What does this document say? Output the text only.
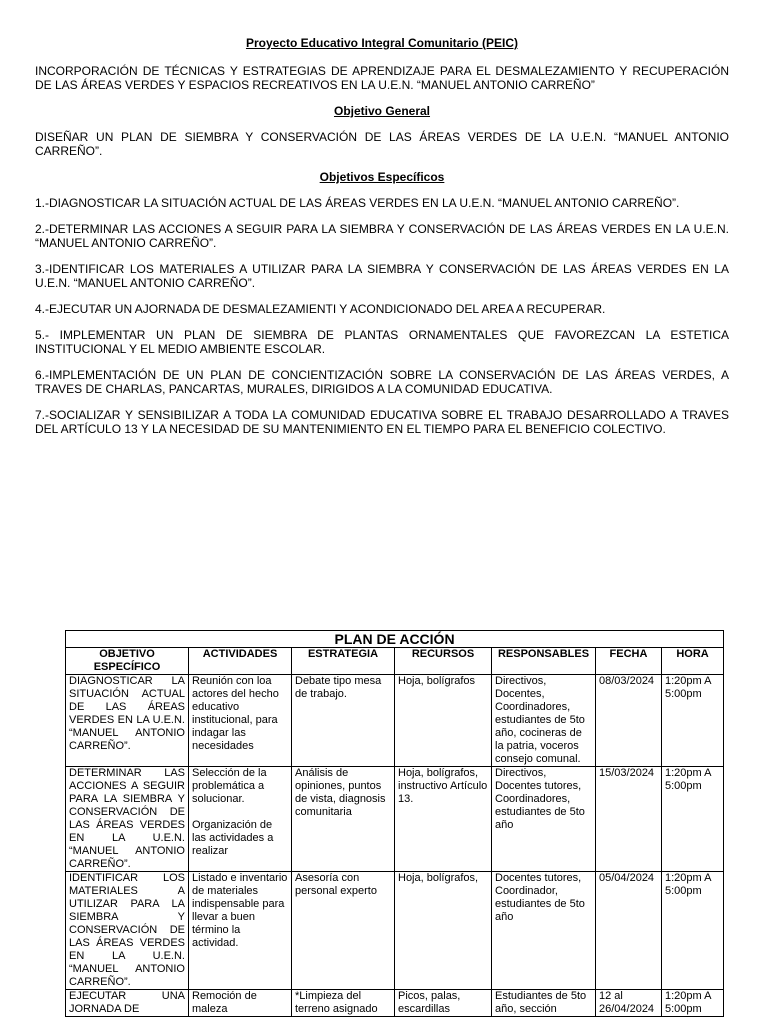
Proyecto Educativo Integral Comunitario (PEIC)

INCORPORACIÓN DE TÉCNICAS Y ESTRATEGIAS DE APRENDIZAJE PARA EL DESMALEZAMIENTO Y RECUPERACIÓN DE LAS ÁREAS VERDES Y ESPACIOS RECREATIVOS EN LA U.E.N. “MANUEL ANTONIO CARREÑO”

Objetivo General

DISEÑAR UN PLAN DE SIEMBRA Y CONSERVACIÓN DE LAS ÁREAS VERDES DE LA U.E.N. “MANUEL ANTONIO CARREÑO”.

Objetivos Específicos

1.-DIAGNOSTICAR LA SITUACIÓN ACTUAL DE LAS ÁREAS VERDES EN LA U.E.N. “MANUEL ANTONIO CARREÑO”.

2.-DETERMINAR LAS ACCIONES A SEGUIR PARA LA SIEMBRA Y CONSERVACIÓN DE LAS ÁREAS VERDES EN LA U.E.N. “MANUEL ANTONIO CARREÑO”.

3.-IDENTIFICAR LOS MATERIALES A UTILIZAR PARA LA SIEMBRA Y CONSERVACIÓN DE LAS ÁREAS VERDES EN LA U.E.N. “MANUEL ANTONIO CARREÑO”.

4.-EJECUTAR UN AJORNADA DE DESMALEZAMIENTI Y ACONDICIONADO DEL AREA A RECUPERAR.

5.- IMPLEMENTAR UN PLAN DE SIEMBRA DE PLANTAS ORNAMENTALES QUE FAVOREZCAN LA ESTETICA INSTITUCIONAL Y EL MEDIO AMBIENTE ESCOLAR.

6.-IMPLEMENTACIÓN DE UN PLAN DE CONCIENTIZACIÓN SOBRE LA CONSERVACIÓN DE LAS ÁREAS VERDES, A TRAVES DE CHARLAS, PANCARTAS, MURALES, DIRIGIDOS A LA COMUNIDAD EDUCATIVA.

7.-SOCIALIZAR Y SENSIBILIZAR A TODA LA COMUNIDAD EDUCATIVA SOBRE EL TRABAJO DESARROLLADO A TRAVES DEL ARTÍCULO 13 Y LA NECESIDAD DE SU MANTENIMIENTO EN EL TIEMPO PARA EL BENEFICIO COLECTIVO.

PLAN DE ACCIÓN						
OBJETIVO ESPECÍFICO	ACTIVIDADES	ESTRATEGIA	RECURSOS	RESPONSABLES	FECHA	HORA
DIAGNOSTICAR LA SITUACIÓN ACTUAL DE LAS ÁREAS VERDES EN LA U.E.N. “MANUEL ANTONIO CARREÑO”.	Reunión con loa actores del hecho educativo institucional, para indagar las necesidades	Debate tipo mesa de trabajo.	Hoja, bolígrafos	Directivos, Docentes, Coordinadores, estudiantes de 5to año, cocineras de la patria, voceros consejo comunal.	08/03/2024	1:20pm A 5:00pm
DETERMINAR LAS ACCIONES A SEGUIR PARA LA SIEMBRA Y CONSERVACIÓN DE LAS ÁREAS VERDES EN LA U.E.N. “MANUEL ANTONIO CARREÑO”.	Selección de la problemática a solucionar.
Organización de las actividades a realizar	Análisis de opiniones, puntos de vista, diagnosis comunitaria	Hoja, bolígrafos, instructivo Artículo 13.	Directivos, Docentes tutores, Coordinadores, estudiantes de 5to año	15/03/2024	1:20pm A 5:00pm
IDENTIFICAR LOS MATERIALES A UTILIZAR PARA LA SIEMBRA Y CONSERVACIÓN DE LAS ÁREAS VERDES EN LA U.E.N. “MANUEL ANTONIO CARREÑO”.	Listado e inventario de materiales indispensable para llevar a buen término la actividad.	Asesoría con personal experto	Hoja, bolígrafos,	Docentes tutores, Coordinador, estudiantes de 5to año	05/04/2024	1:20pm A 5:00pm
EJECUTAR UNA JORNADA DE	Remoción de maleza	*Limpieza del terreno asignado	Picos, palas, escardillas	Estudiantes de 5to año, sección	12 al 26/04/2024	1:20pm A 5:00pm
